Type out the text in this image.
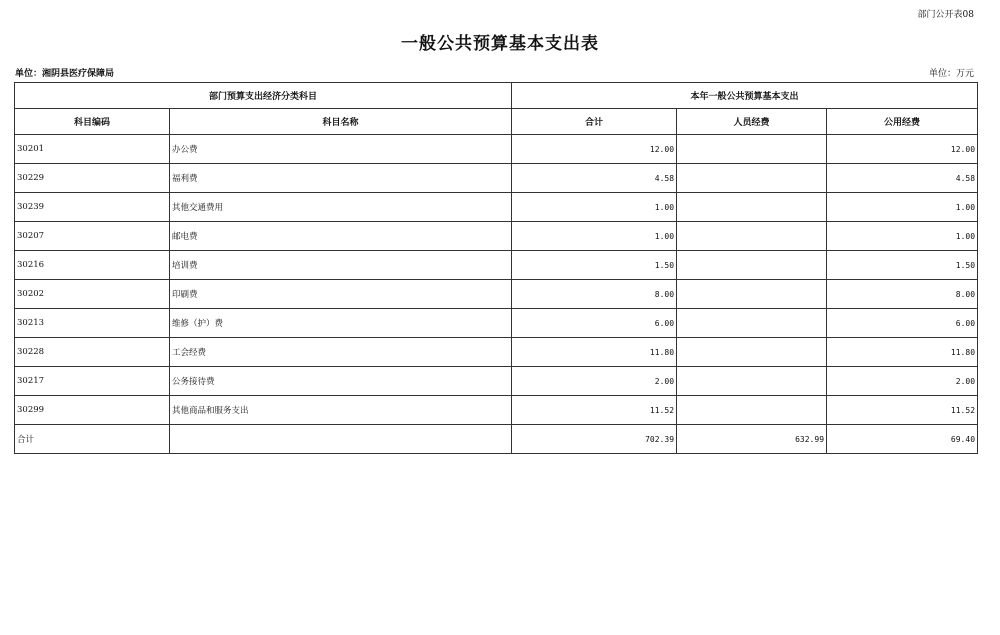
部门公开表08
一般公共预算基本支出表
单位：湘阴县医疗保障局	单位：万元
部门预算支出经济分类科目		本年一般公共预算基本支出		
科目编码	科目名称	合计	人员经费	公用经费
30201	办公费	12.00		12.00
30229	福利费	4.58		4.58
30239	其他交通费用	1.00		1.00
30207	邮电费	1.00		1.00
30216	培训费	1.50		1.50
30202	印刷费	8.00		8.00
30213	维修（护）费	6.00		6.00
30228	工会经费	11.80		11.80
30217	公务接待费	2.00		2.00
30299	其他商品和服务支出	11.52		11.52
合计		702.39	632.99	69.40
